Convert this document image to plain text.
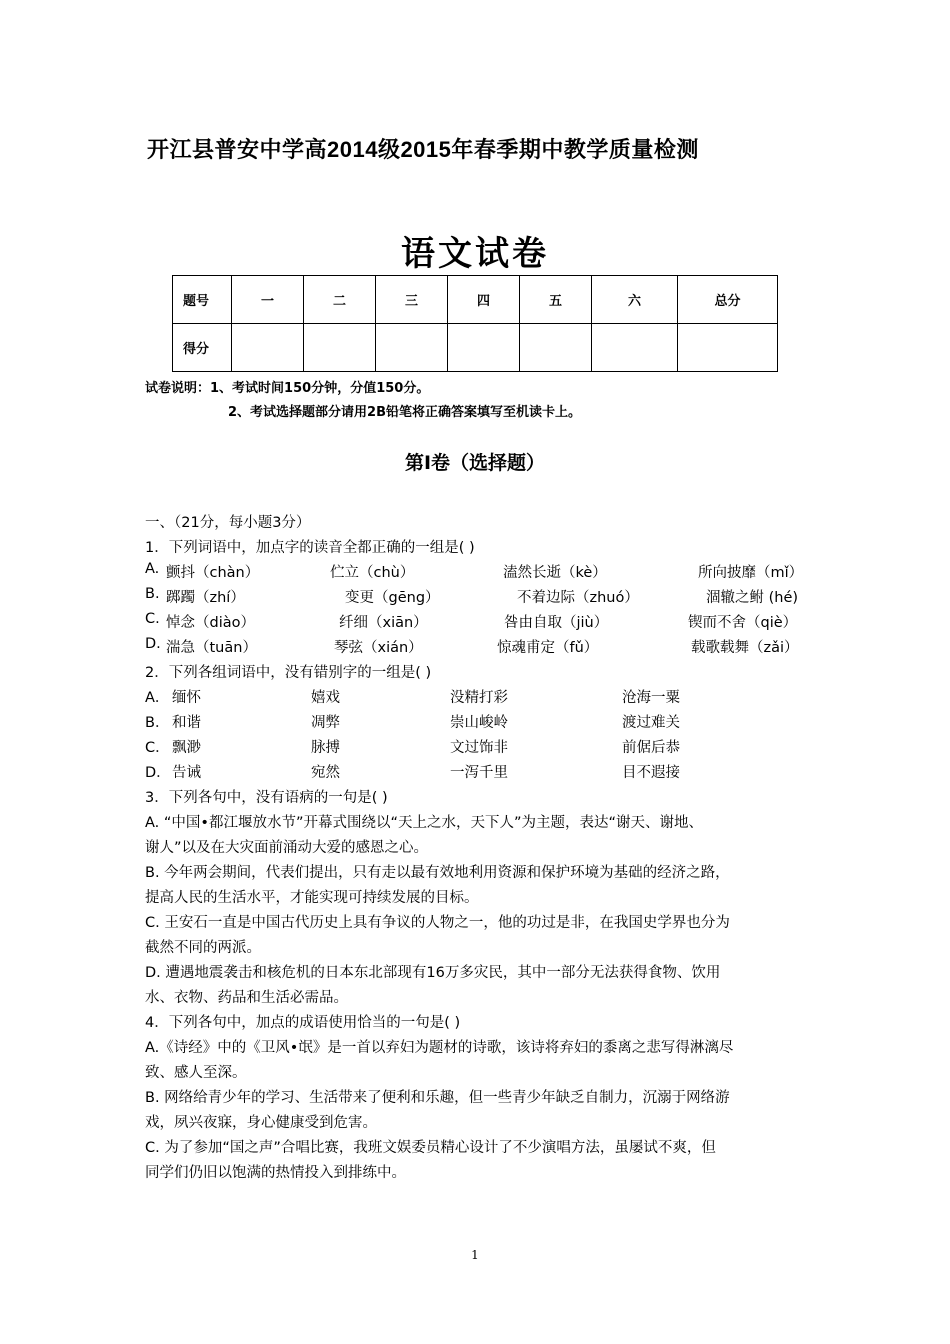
开江县普安中学高2014级2015年春季期中教学质量检测
语文试卷
题号	一	二	三	四	五	六	总分
得分							
试卷说明：1、考试时间150分钟，分值150分。
2、考试选择题部分请用2B铅笔将正确答案填写至机读卡上。
第Ⅰ卷（选择题）
一、（21分，每小题3分）
1．下列词语中，加点字的读音全都正确的一组是( )
A. 颤抖（chàn）	伫立（chù）	溘然长逝（kè）	所向披靡（mǐ）
B. 踯躅（zhí）	变更（gēng）	不着边际（zhuó）	涸辙之鲋 (hé)
C. 悼念（diào）	纤细（xiān）	咎由自取（jiù）	锲而不舍（qiè）
D. 湍急（tuān）	琴弦（xián）	惊魂甫定（fǔ）	载歌载舞（zǎi）
2．下列各组词语中，没有错别字的一组是( )
A． 缅怀	嬉戏	没精打彩	沧海一粟
B． 和谐	凋弊	崇山峻岭	渡过难关
C． 飘渺	脉搏	文过饰非	前倨后恭
D． 告诫	宛然	一泻千里	目不遐接
3．下列各句中，没有语病的一句是( )
A. “中国•都江堰放水节”开幕式围绕以“天上之水，天下人”为主题，表达“谢天、谢地、
谢人”以及在大灾面前涌动大爱的感恩之心。
B. 今年两会期间，代表们提出，只有走以最有效地利用资源和保护环境为基础的经济之路，
提高人民的生活水平，才能实现可持续发展的目标。
C. 王安石一直是中国古代历史上具有争议的人物之一，他的功过是非，在我国史学界也分为
截然不同的两派。
D. 遭遇地震袭击和核危机的日本东北部现有16万多灾民，其中一部分无法获得食物、饮用
水、衣物、药品和生活必需品。
4．下列各句中，加点的成语使用恰当的一句是( )
A.《诗经》中的《卫风•氓》是一首以弃妇为题材的诗歌，该诗将弃妇的黍离之悲写得淋漓尽
致、感人至深。
B. 网络给青少年的学习、生活带来了便利和乐趣，但一些青少年缺乏自制力，沉溺于网络游
戏，夙兴夜寐，身心健康受到危害。
C. 为了参加“国之声”合唱比赛，我班文娱委员精心设计了不少演唱方法，虽屡试不爽，但
同学们仍旧以饱满的热情投入到排练中。
1
